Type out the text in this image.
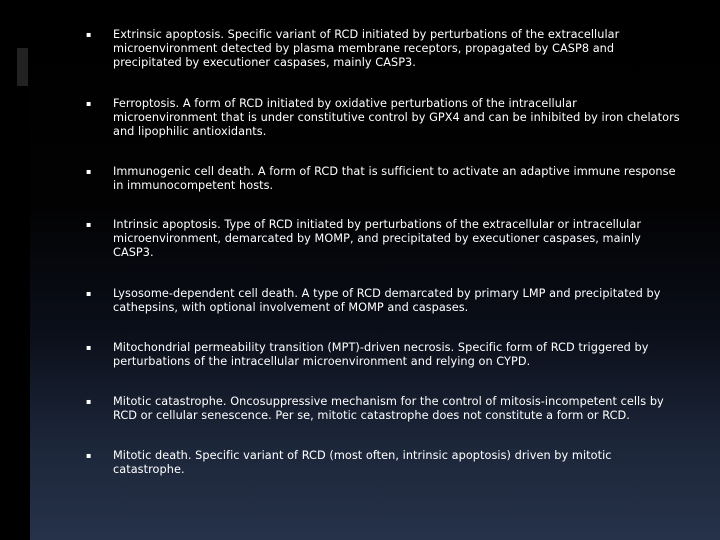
▪ Extrinsic apoptosis. Specific variant of RCD initiated by perturbations of the extracellular microenvironment detected by plasma membrane receptors, propagated by CASP8 and precipitated by executioner caspases, mainly CASP3.
▪ Ferroptosis. A form of RCD initiated by oxidative perturbations of the intracellular microenvironment that is under constitutive control by GPX4 and can be inhibited by iron chelators and lipophilic antioxidants.
▪ Immunogenic cell death. A form of RCD that is sufficient to activate an adaptive immune response in immunocompetent hosts.
▪ Intrinsic apoptosis. Type of RCD initiated by perturbations of the extracellular or intracellular microenvironment, demarcated by MOMP, and precipitated by executioner caspases, mainly CASP3.
▪ Lysosome-dependent cell death. A type of RCD demarcated by primary LMP and precipitated by cathepsins, with optional involvement of MOMP and caspases.
▪ Mitochondrial permeability transition (MPT)-driven necrosis. Specific form of RCD triggered by perturbations of the intracellular microenvironment and relying on CYPD.
▪ Mitotic catastrophe. Oncosuppressive mechanism for the control of mitosis-incompetent cells by RCD or cellular senescence. Per se, mitotic catastrophe does not constitute a form or RCD.
▪ Mitotic death. Specific variant of RCD (most often, intrinsic apoptosis) driven by mitotic catastrophe.
